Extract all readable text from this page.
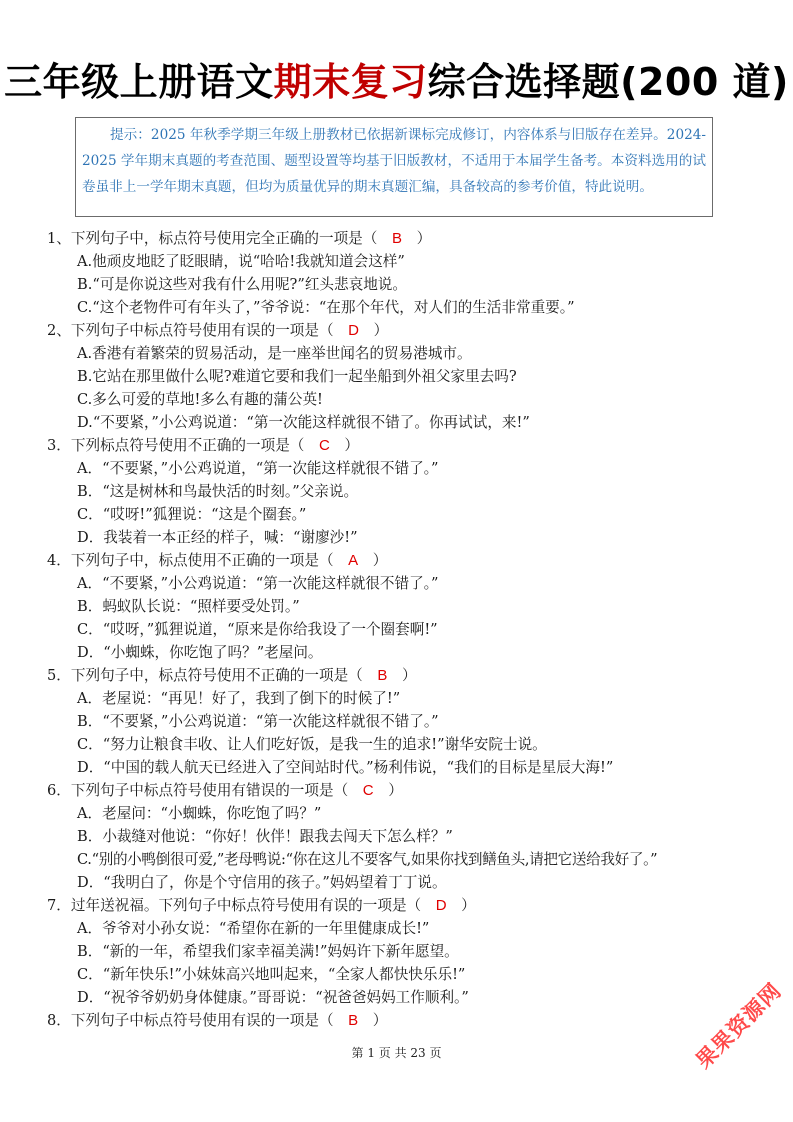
三年级上册语文期末复习综合选择题(200 道)
提示：2025 年秋季学期三年级上册教材已依据新课标完成修订，内容体系与旧版存在差异。2024-2025 学年期末真题的考查范围、题型设置等均基于旧版教材，不适用于本届学生备考。本资料选用的试卷虽非上一学年期末真题，但均为质量优异的期末真题汇编，具备较高的参考价值，特此说明。
1、下列句子中，标点符号使用完全正确的一项是（   B   ）
A.他顽皮地眨了眨眼睛，说“哈哈!我就知道会这样”
B.“可是你说这些对我有什么用呢?”红头悲哀地说。
C.“这个老物件可有年头了，”爷爷说：“在那个年代，对人们的生活非常重要。”
2、下列句子中标点符号使用有误的一项是（   D   ）
A.香港有着繁荣的贸易活动，是一座举世闻名的贸易港城市。
B.它站在那里做什么呢?难道它要和我们一起坐船到外祖父家里去吗?
C.多么可爱的草地!多么有趣的蒲公英!
D.“不要紧，”小公鸡说道：“第一次能这样就很不错了。你再试试，来!”
3．下列标点符号使用不正确的一项是（   C   ）
A．“不要紧，”小公鸡说道，“第一次能这样就很不错了。”
B．“这是树林和鸟最快活的时刻。”父亲说。
C．“哎呀!”狐狸说：“这是个圈套。”
D．我装着一本正经的样子，喊：“谢廖沙!”
4．下列句子中，标点使用不正确的一项是（   A   ）
A．“不要紧，”小公鸡说道：“第一次能这样就很不错了。”
B．蚂蚁队长说：“照样要受处罚。”
C．“哎呀，”狐狸说道，“原来是你给我设了一个圈套啊!”
D．“小蜘蛛，你吃饱了吗？”老屋问。
5．下列句子中，标点符号使用不正确的一项是（   B   ）
A．老屋说：“再见！好了，我到了倒下的时候了!”
B．“不要紧，”小公鸡说道：“第一次能这样就很不错了。”
C．“努力让粮食丰收、让人们吃好饭，是我一生的追求!”谢华安院士说。
D．“中国的载人航天已经进入了空间站时代。”杨利伟说，“我们的目标是星辰大海!”
6．下列句子中标点符号使用有错误的一项是（   C   ）
A．老屋问：“小蜘蛛，你吃饱了吗？”
B．小裁缝对他说：“你好！伙伴！跟我去闯天下怎么样？”
C.“别的小鸭倒很可爱,”老母鸭说:“你在这儿不要客气,如果你找到鳝鱼头,请把它送给我好了。”
D．“我明白了，你是个守信用的孩子。”妈妈望着丁丁说。
7．过年送祝福。下列句子中标点符号使用有误的一项是（   D   ）
A．爷爷对小孙女说：“希望你在新的一年里健康成长!”
B．“新的一年，希望我们家幸福美满!”妈妈许下新年愿望。
C．“新年快乐!”小妹妹高兴地叫起来，“全家人都快快乐乐!”
D．“祝爷爷奶奶身体健康。”哥哥说：“祝爸爸妈妈工作顺利。”
8．下列句子中标点符号使用有误的一项是（   B   ）
第 1 页 共 23 页	果果资源网
